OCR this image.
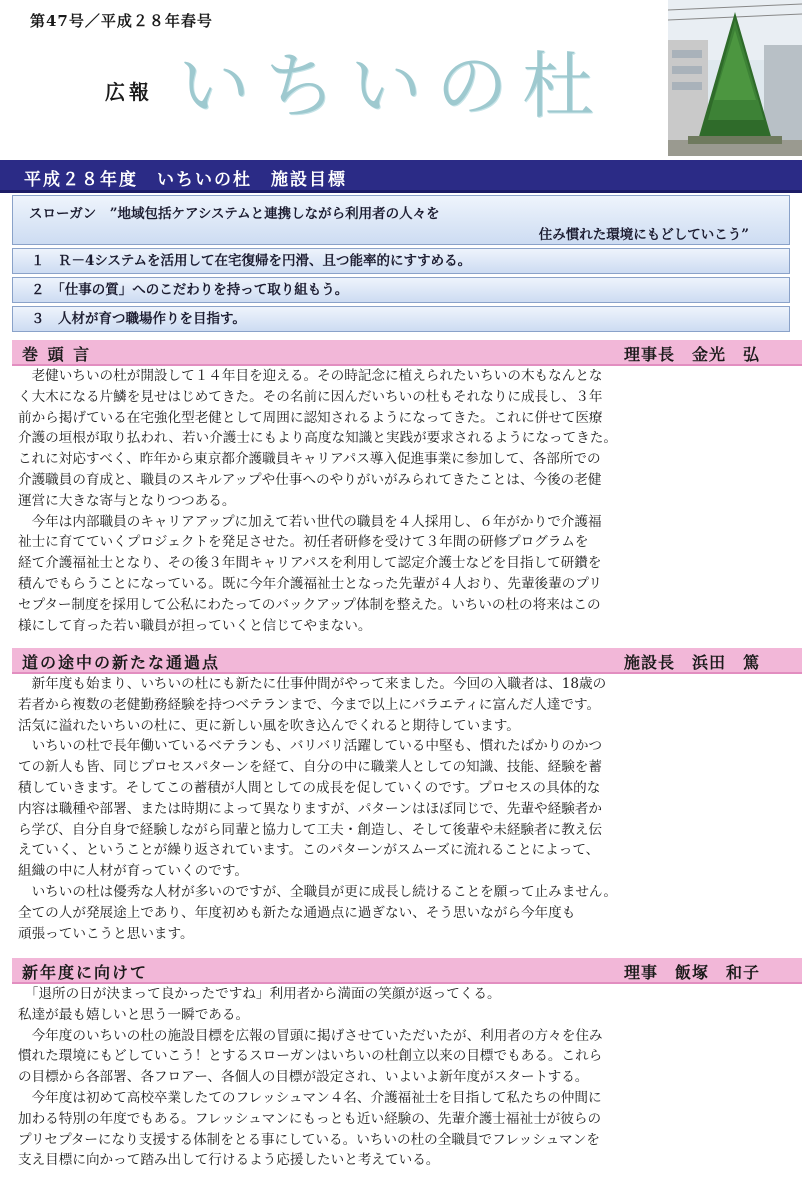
第47号／平成２８年春号
広報 いちいの杜
平成２８年度　いちいの杜　施設目標
スローガン　”地域包括ケアシステムと連携しながら利用者の人々を
住み慣れた環境にもどしていこう”
１　Ｒ－4システムを活用して在宅復帰を円滑、且つ能率的にすすめる。
２　「仕事の質」へのこだわりを持って取り組もう。
３　人材が育つ職場作りを目指す。
巻 頭 言	理事長　金光　弘

　老健いちいの杜が開設して１４年目を迎える。その時記念に植えられたいちいの木もなんとな

く大木になる片鱗を見せはじめてきた。その名前に因んだいちいの杜もそれなりに成長し、３年

前から掲げている在宅強化型老健として周囲に認知されるようになってきた。これに併せて医療

介護の垣根が取り払われ、若い介護士にもより高度な知識と実践が要求されるようになってきた。

これに対応すべく、昨年から東京都介護職員キャリアパス導入促進事業に参加して、各部所での

介護職員の育成と、職員のスキルアップや仕事へのやりがいがみられてきたことは、今後の老健

運営に大きな寄与となりつつある。

　今年は内部職員のキャリアアップに加えて若い世代の職員を４人採用し、６年がかりで介護福

祉士に育てていくプロジェクトを発足させた。初任者研修を受けて３年間の研修プログラムを

経て介護福祉士となり、その後３年間キャリアパスを利用して認定介護士などを目指して研鑽を

積んでもらうことになっている。既に今年介護福祉士となった先輩が４人おり、先輩後輩のプリ

セプター制度を採用して公私にわたってのバックアップ体制を整えた。いちいの杜の将来はこの

様にして育った若い職員が担っていくと信じてやまない。

道の途中の新たな通過点	施設長　浜田　篤

　新年度も始まり、いちいの杜にも新たに仕事仲間がやって来ました。今回の入職者は、18歳の

若者から複数の老健勤務経験を持つベテランまで、今まで以上にバラエティに富んだ人達です。

活気に溢れたいちいの杜に、更に新しい風を吹き込んでくれると期待しています。

　いちいの杜で長年働いているベテランも、バリバリ活躍している中堅も、慣れたばかりのかつ

ての新人も皆、同じプロセスパターンを経て、自分の中に職業人としての知識、技能、経験を蓄

積していきます。そしてこの蓄積が人間としての成長を促していくのです。プロセスの具体的な

内容は職種や部署、または時期によって異なりますが、パターンはほぼ同じで、先輩や経験者か

ら学び、自分自身で経験しながら同輩と協力して工夫・創造し、そして後輩や未経験者に教え伝

えていく、ということが繰り返されています。このパターンがスムーズに流れることによって、

組織の中に人材が育っていくのです。

　いちいの杜は優秀な人材が多いのですが、全職員が更に成長し続けることを願って止みません。

全ての人が発展途上であり、年度初めも新たな通過点に過ぎない、そう思いながら今年度も

頑張っていこうと思います。

新年度に向けて	理事　飯塚　和子

　「退所の日が決まって良かったですね」利用者から満面の笑顔が返ってくる。

私達が最も嬉しいと思う一瞬である。

　今年度のいちいの杜の施設目標を広報の冒頭に掲げさせていただいたが、利用者の方々を住み

慣れた環境にもどしていこう！とするスローガンはいちいの杜創立以来の目標でもある。これら

の目標から各部署、各フロアー、各個人の目標が設定され、いよいよ新年度がスタートする。

　今年度は初めて高校卒業したてのフレッシュマン４名、介護福祉士を目指して私たちの仲間に

加わる特別の年度でもある。フレッシュマンにもっとも近い経験の、先輩介護士福祉士が彼らの

プリセプターになり支援する体制をとる事にしている。いちいの杜の全職員でフレッシュマンを

支え目標に向かって踏み出して行けるよう応援したいと考えている。
